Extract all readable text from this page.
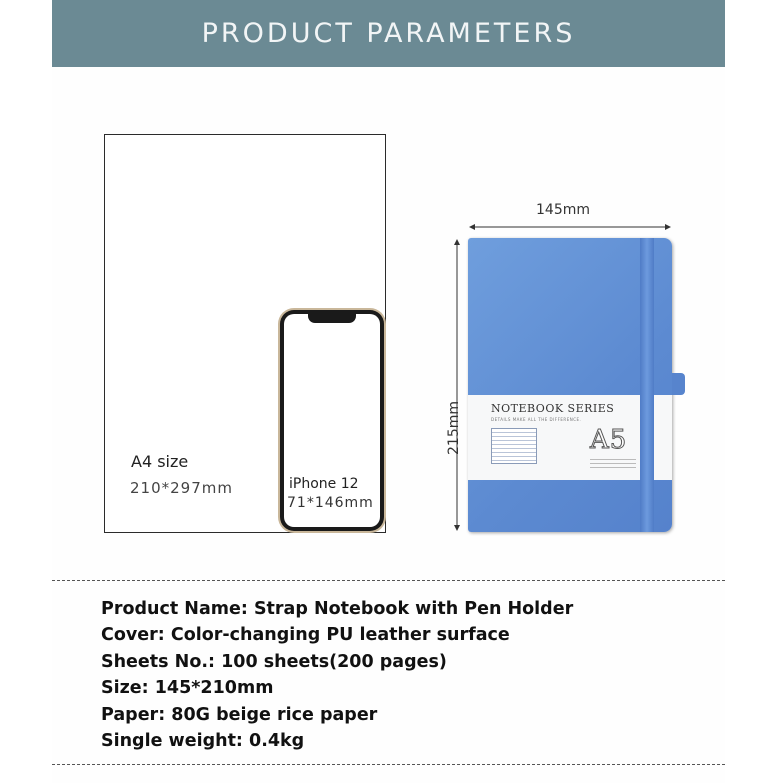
PRODUCT PARAMETERS
A4 size
210*297mm	iPhone 12
71*146mm
145mm
215mm	NOTEBOOK SERIES
DETAILS MAKE ALL THE DIFFERENCE.
A5
Product Name: Strap Notebook with Pen Holder
Cover: Color-changing PU leather surface
Sheets No.: 100 sheets(200 pages)
Size: 145*210mm
Paper: 80G beige rice paper
Single weight: 0.4kg
